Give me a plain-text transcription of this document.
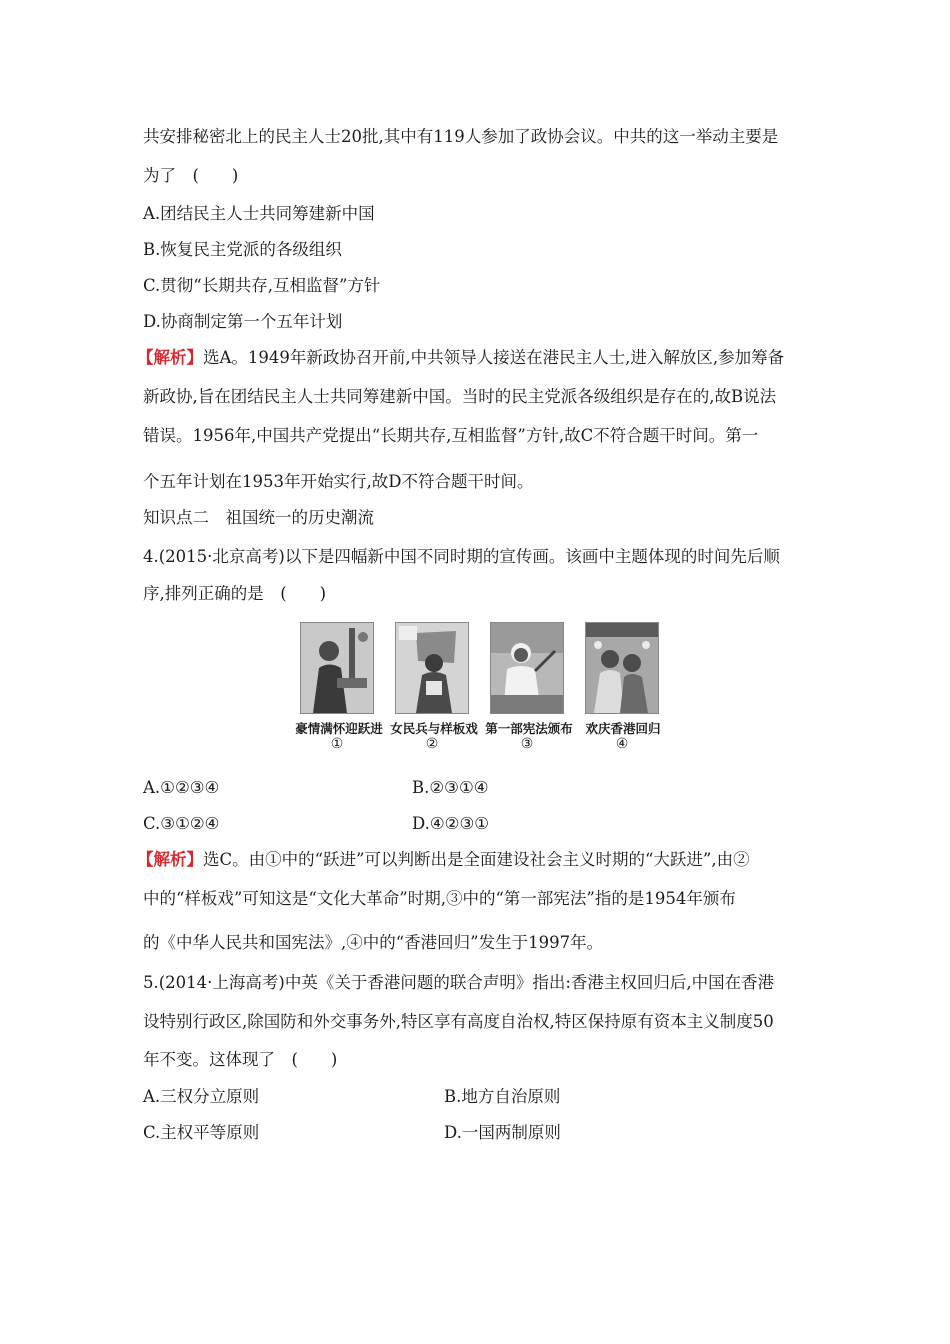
共安排秘密北上的民主人士20批,其中有119人参加了政协会议。中共的这一举动主要是
为了　(　　)
A.团结民主人士共同筹建新中国
B.恢复民主党派的各级组织
C.贯彻“长期共存,互相监督”方针
D.协商制定第一个五年计划
【解析】选A。1949年新政协召开前,中共领导人接送在港民主人士,进入解放区,参加筹备
新政协,旨在团结民主人士共同筹建新中国。当时的民主党派各级组织是存在的,故B说法
错误。1956年,中国共产党提出“长期共存,互相监督”方针,故C不符合题干时间。第一
个五年计划在1953年开始实行,故D不符合题干时间。
知识点二　祖国统一的历史潮流
4.(2015·北京高考)以下是四幅新中国不同时期的宣传画。该画中主题体现的时间先后顺
序,排列正确的是　(　　)
豪情满怀迎跃进 女民兵与样板戏 第一部宪法颁布	欢庆香港回归
①	②	③	④
A.①②③④	B.②③①④
C.③①②④	D.④②③①
【解析】选C。由①中的“跃进”可以判断出是全面建设社会主义时期的“大跃进”,由②
中的“样板戏”可知这是“文化大革命”时期,③中的“第一部宪法”指的是1954年颁布
的《中华人民共和国宪法》,④中的“香港回归”发生于1997年。
5.(2014·上海高考)中英《关于香港问题的联合声明》指出:香港主权回归后,中国在香港
设特别行政区,除国防和外交事务外,特区享有高度自治权,特区保持原有资本主义制度50
年不变。这体现了　(　　)
A.三权分立原则	B.地方自治原则
C.主权平等原则	D.一国两制原则
